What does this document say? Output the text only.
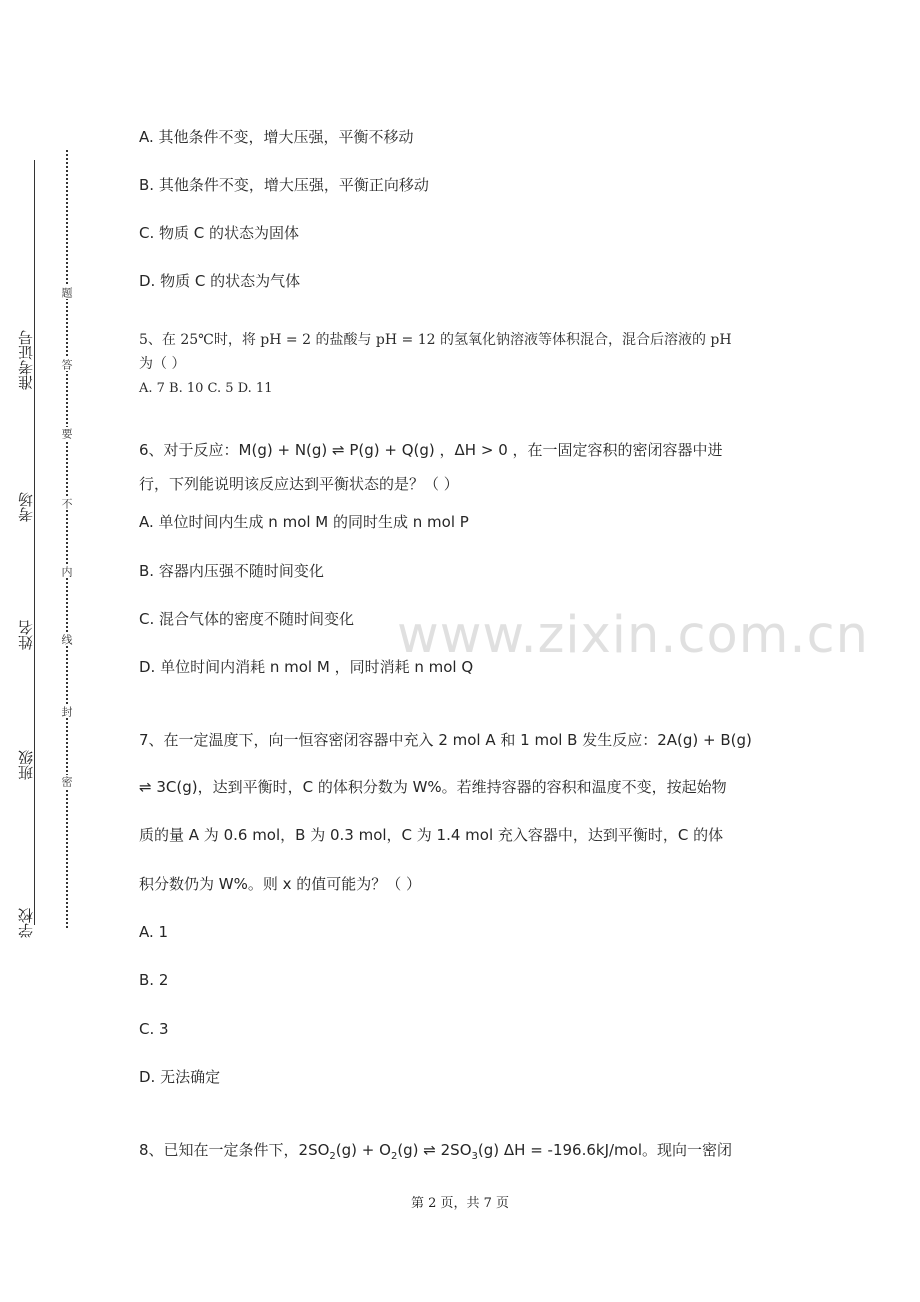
准考证号
考场
姓名
班级
学校
题
答
要
不
内
线
封
密
www.zixin.com.cn
A. 其他条件不变，增大压强，平衡不移动
B. 其他条件不变，增大压强，平衡正向移动
C. 物质 C 的状态为固体
D. 物质 C 的状态为气体
5、在 25℃时，将 pH = 2 的盐酸与 pH = 12 的氢氧化钠溶液等体积混合，混合后溶液的 pH
为（ ）
A. 7 B. 10 C. 5 D. 11
6、对于反应：M(g) + N(g) ⇌ P(g) + Q(g) ，ΔH > 0 ，在一固定容积的密闭容器中进
行，下列能说明该反应达到平衡状态的是？（ ）
A. 单位时间内生成 n mol M 的同时生成 n mol P
B. 容器内压强不随时间变化
C. 混合气体的密度不随时间变化
D. 单位时间内消耗 n mol M ，同时消耗 n mol Q
7、在一定温度下，向一恒容密闭容器中充入 2 mol A 和 1 mol B 发生反应：2A(g) + B(g)
⇌ 3C(g)，达到平衡时，C 的体积分数为 W%。若维持容器的容积和温度不变，按起始物
质的量 A 为 0.6 mol，B 为 0.3 mol，C 为 1.4 mol 充入容器中，达到平衡时，C 的体
积分数仍为 W%。则 x 的值可能为？（ ）
A. 1
B. 2
C. 3
D. 无法确定
8、已知在一定条件下，$2SO_2(g) + O_2(g)$ ⇌ $2SO_3(g) \Delta H = -196.6kJ/mol$。现向一密闭
第 2 页，共 7 页
